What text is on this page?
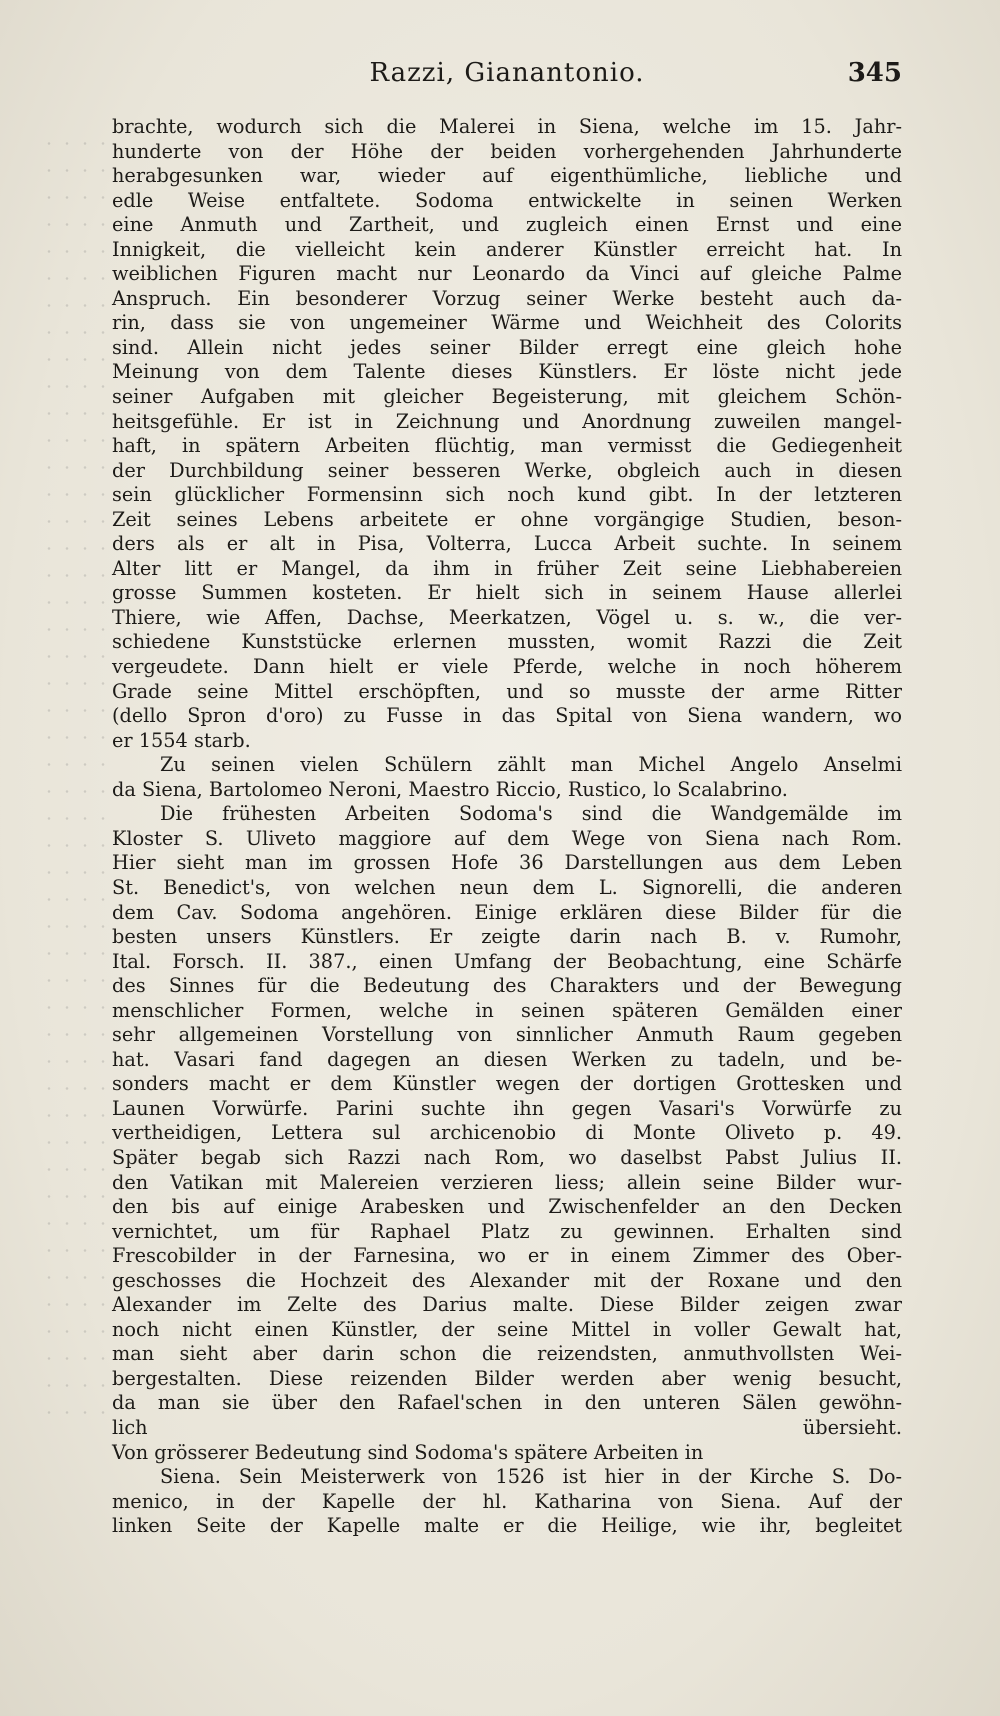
Razzi, Gianantonio.	345
brachte, wodurch sich die Malerei in Siena, welche im 15. Jahr-
hunderte von der Höhe der beiden vorhergehenden Jahrhunderte
herabgesunken war, wieder auf eigenthümliche, liebliche und
edle Weise entfaltete. Sodoma entwickelte in seinen Werken
eine Anmuth und Zartheit, und zugleich einen Ernst und eine
Innigkeit, die vielleicht kein anderer Künstler erreicht hat. In
weiblichen Figuren macht nur Leonardo da Vinci auf gleiche Palme
Anspruch. Ein besonderer Vorzug seiner Werke besteht auch da-
rin, dass sie von ungemeiner Wärme und Weichheit des Colorits
sind. Allein nicht jedes seiner Bilder erregt eine gleich hohe
Meinung von dem Talente dieses Künstlers. Er löste nicht jede
seiner Aufgaben mit gleicher Begeisterung, mit gleichem Schön-
heitsgefühle. Er ist in Zeichnung und Anordnung zuweilen mangel-
haft, in spätern Arbeiten flüchtig, man vermisst die Gediegenheit
der Durchbildung seiner besseren Werke, obgleich auch in diesen
sein glücklicher Formensinn sich noch kund gibt. In der letzteren
Zeit seines Lebens arbeitete er ohne vorgängige Studien, beson-
ders als er alt in Pisa, Volterra, Lucca Arbeit suchte. In seinem
Alter litt er Mangel, da ihm in früher Zeit seine Liebhabereien
grosse Summen kosteten. Er hielt sich in seinem Hause allerlei
Thiere, wie Affen, Dachse, Meerkatzen, Vögel u. s. w., die ver-
schiedene Kunststücke erlernen mussten, womit Razzi die Zeit
vergeudete. Dann hielt er viele Pferde, welche in noch höherem
Grade seine Mittel erschöpften, und so musste der arme Ritter
(dello Spron d'oro) zu Fusse in das Spital von Siena wandern, wo
er 1554 starb.
Zu seinen vielen Schülern zählt man Michel Angelo Anselmi
da Siena, Bartolomeo Neroni, Maestro Riccio, Rustico, lo Scalabrino.
Die frühesten Arbeiten Sodoma's sind die Wandgemälde im
Kloster S. Uliveto maggiore auf dem Wege von Siena nach Rom.
Hier sieht man im grossen Hofe 36 Darstellungen aus dem Leben
St. Benedict's, von welchen neun dem L. Signorelli, die anderen
dem Cav. Sodoma angehören. Einige erklären diese Bilder für die
besten unsers Künstlers. Er zeigte darin nach B. v. Rumohr,
Ital. Forsch. II. 387., einen Umfang der Beobachtung, eine Schärfe
des Sinnes für die Bedeutung des Charakters und der Bewegung
menschlicher Formen, welche in seinen späteren Gemälden einer
sehr allgemeinen Vorstellung von sinnlicher Anmuth Raum gegeben
hat. Vasari fand dagegen an diesen Werken zu tadeln, und be-
sonders macht er dem Künstler wegen der dortigen Grottesken und
Launen Vorwürfe. Parini suchte ihn gegen Vasari's Vorwürfe zu
vertheidigen, Lettera sul archicenobio di Monte Oliveto p. 49.
Später begab sich Razzi nach Rom, wo daselbst Pabst Julius II.
den Vatikan mit Malereien verzieren liess; allein seine Bilder wur-
den bis auf einige Arabesken und Zwischenfelder an den Decken
vernichtet, um für Raphael Platz zu gewinnen. Erhalten sind
Frescobilder in der Farnesina, wo er in einem Zimmer des Ober-
geschosses die Hochzeit des Alexander mit der Roxane und den
Alexander im Zelte des Darius malte. Diese Bilder zeigen zwar
noch nicht einen Künstler, der seine Mittel in voller Gewalt hat,
man sieht aber darin schon die reizendsten, anmuthvollsten Wei-
bergestalten. Diese reizenden Bilder werden aber wenig besucht,
da man sie über den Rafael'schen in den unteren Sälen gewöhn-
lich übersieht.
Von grösserer Bedeutung sind Sodoma's spätere Arbeiten in
Siena. Sein Meisterwerk von 1526 ist hier in der Kirche S. Do-
menico, in der Kapelle der hl. Katharina von Siena. Auf der
linken Seite der Kapelle malte er die Heilige, wie ihr, begleitet
